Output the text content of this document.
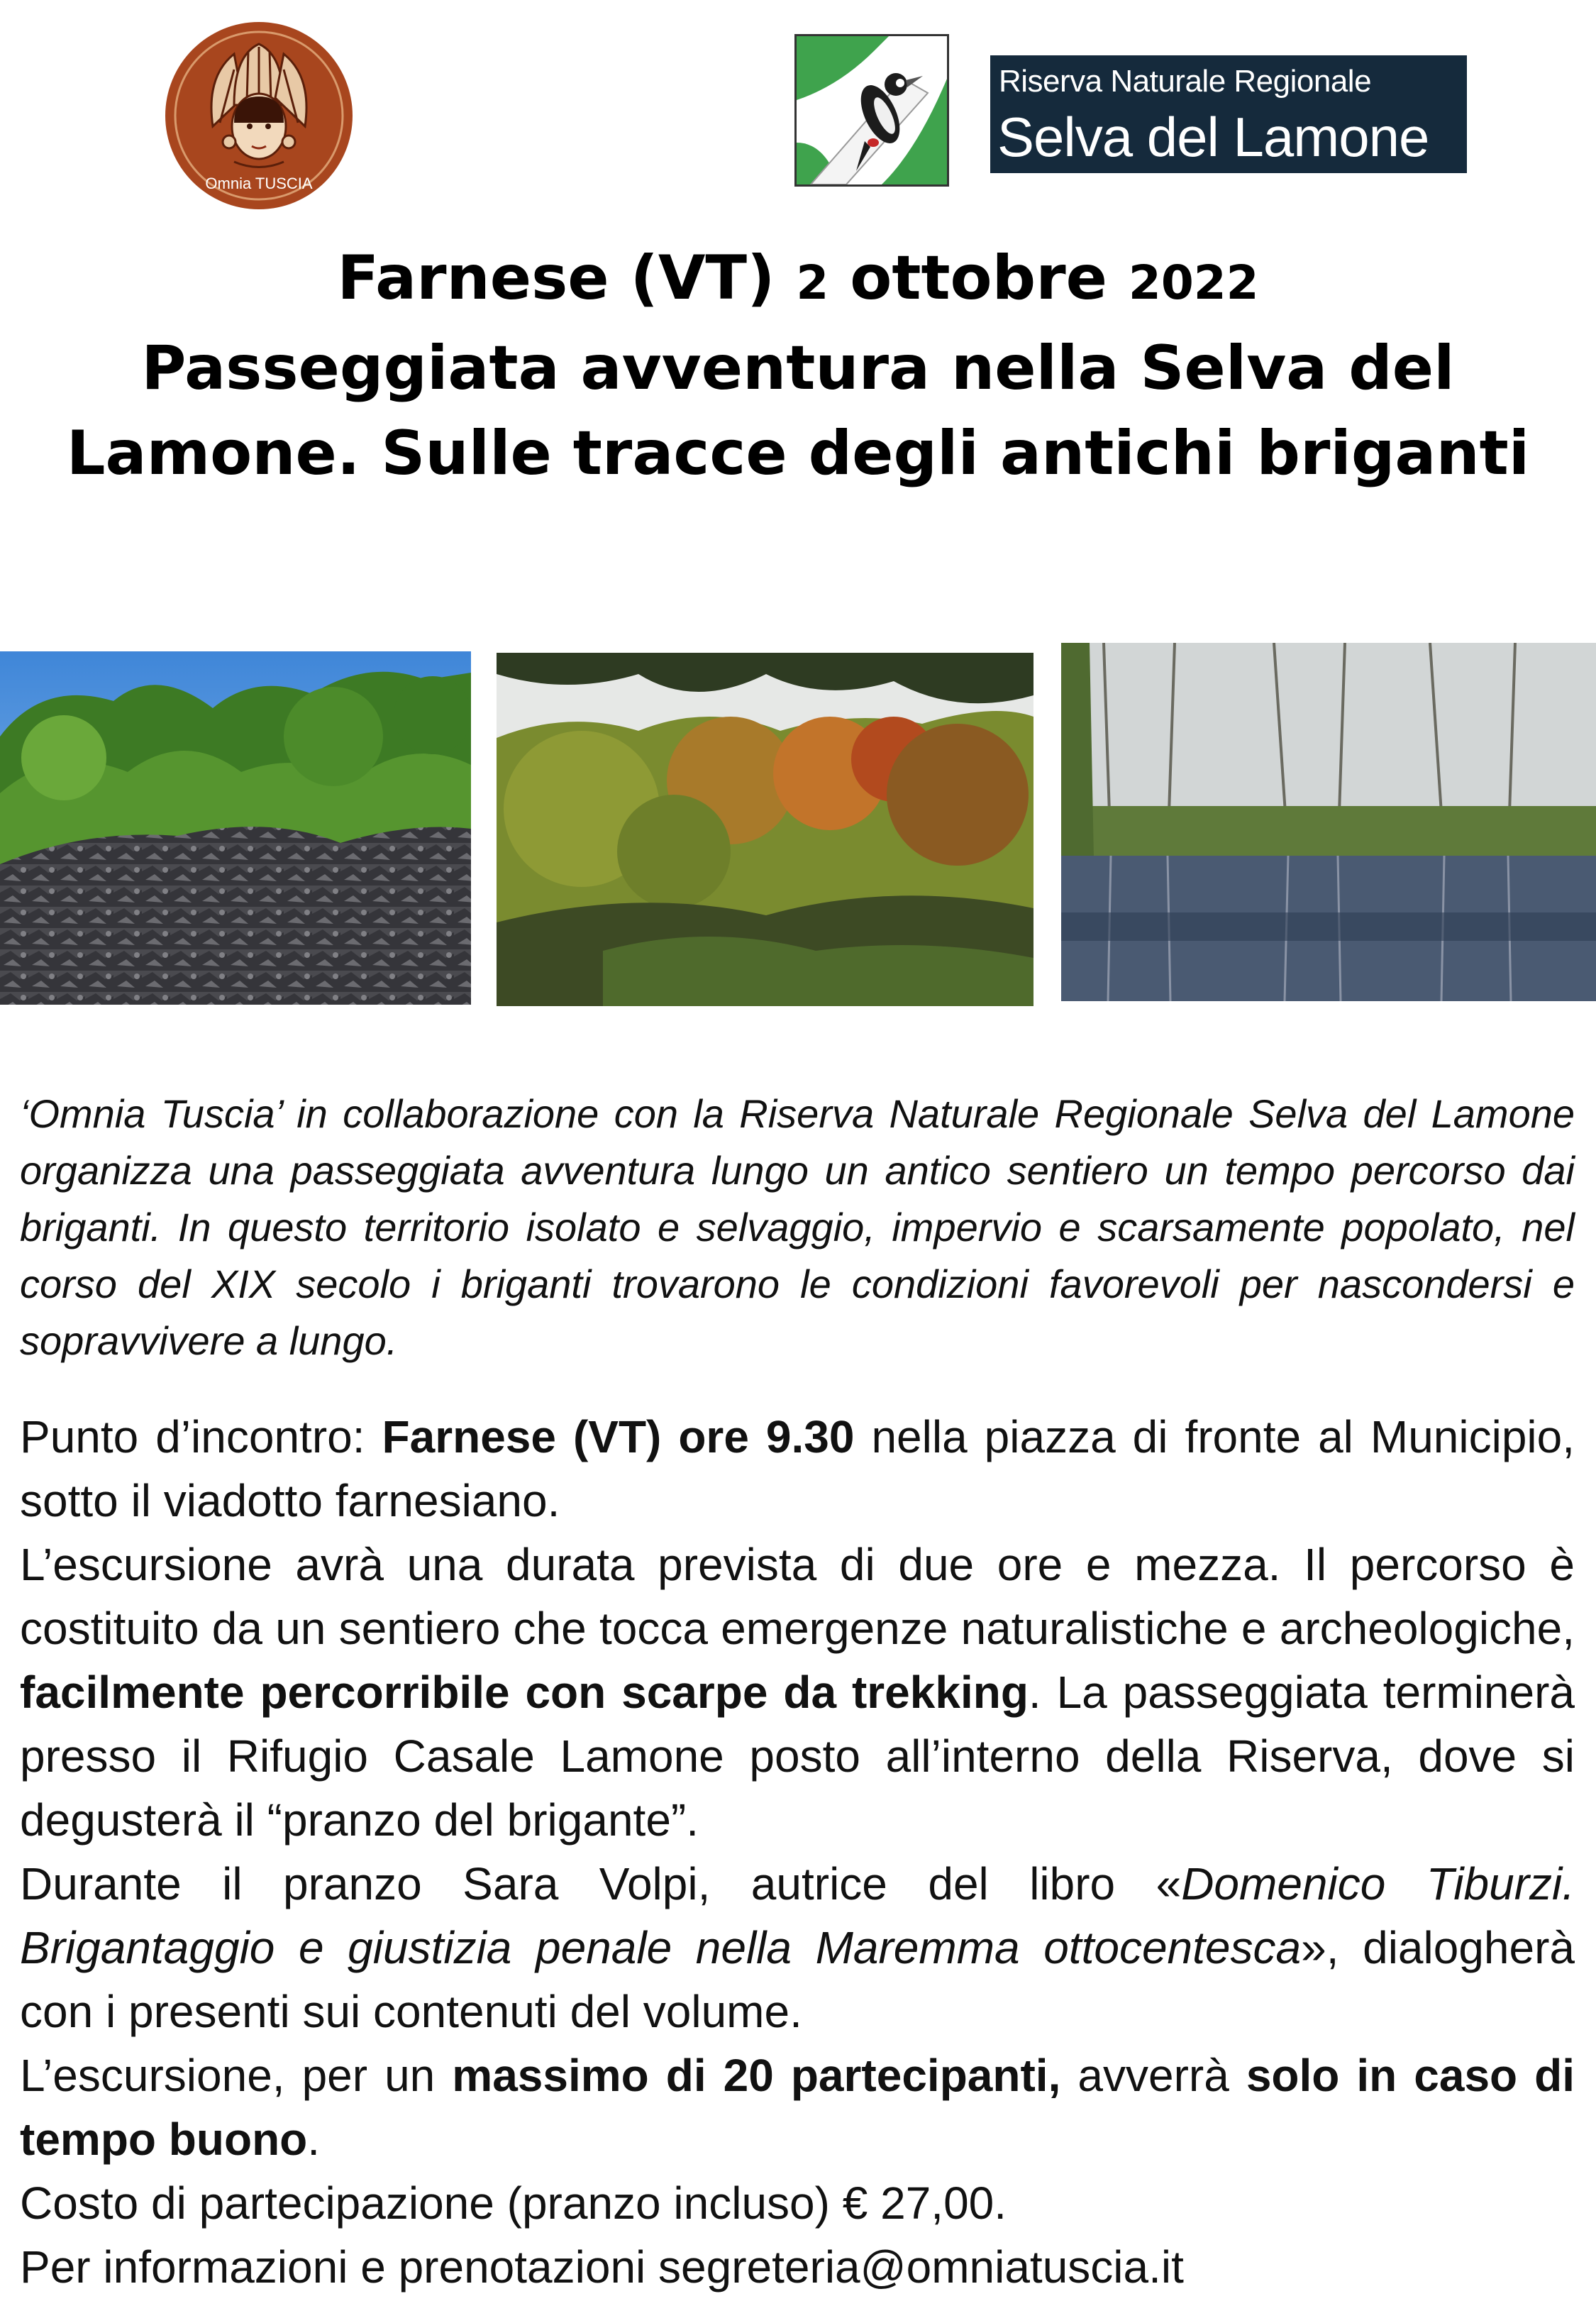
Omnia TUSCIA
Riserva Naturale Regionale
Selva del Lamone
Farnese (VT) 2 ottobre 2022
Passeggiata avventura nella Selva del
Lamone. Sulle tracce degli antichi briganti
‘Omnia Tuscia’ in collaborazione con la Riserva Naturale Regionale Selva del Lamone organizza una passeggiata avventura lungo un antico sentiero un tempo percorso dai briganti. In questo territorio isolato e selvaggio, impervio e scarsamente popolato, nel corso del XIX secolo i briganti trovarono le condizioni favorevoli per nascondersi e sopravvivere a lungo.

Punto d’incontro: Farnese (VT) ore 9.30 nella piazza di fronte al Municipio, sotto il viadotto farnesiano.

L’escursione avrà una durata prevista di due ore e mezza. Il percorso è costituito da un sentiero che tocca emergenze naturalistiche e archeologiche, facilmente percorribile con scarpe da trekking. La passeggiata terminerà presso il Rifugio Casale Lamone posto all’interno della Riserva, dove si degusterà il “pranzo del brigante”.

Durante il pranzo Sara Volpi, autrice del libro «Domenico Tiburzi. Brigantaggio e giustizia penale nella Maremma ottocentesca», dialogherà con i presenti sui contenuti del volume.

L’escursione, per un massimo di 20 partecipanti, avverrà solo in caso di tempo buono.

Costo di partecipazione (pranzo incluso) € 27,00.

Per informazioni e prenotazioni segreteria@omniatuscia.it
